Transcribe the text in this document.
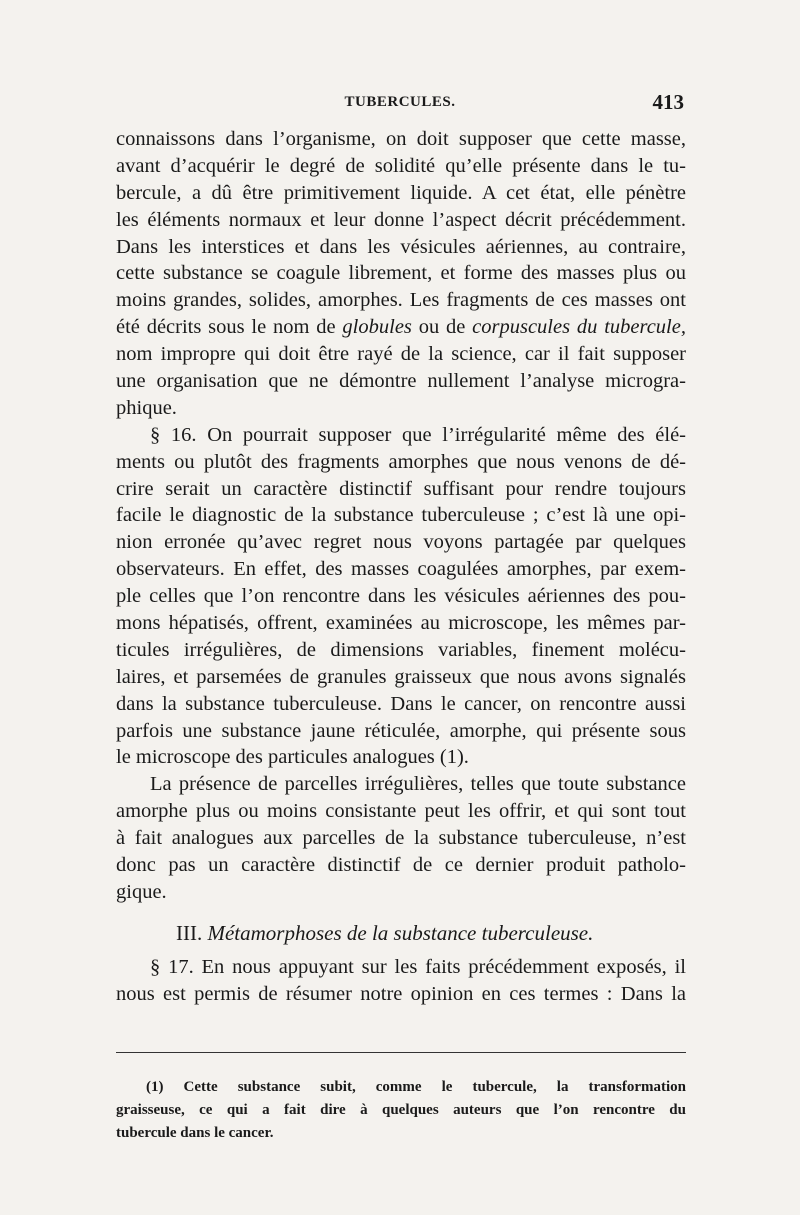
TUBERCULES.	413
connaissons dans l’organisme, on doit supposer que cette masse,
avant d’acquérir le degré de solidité qu’elle présente dans le tu-
bercule, a dû être primitivement liquide. A cet état, elle pénètre
les éléments normaux et leur donne l’aspect décrit précédemment.
Dans les interstices et dans les vésicules aériennes, au contraire,
cette substance se coagule librement, et forme des masses plus ou
moins grandes, solides, amorphes. Les fragments de ces masses ont
été décrits sous le nom de globules ou de corpuscules du tubercule,
nom impropre qui doit être rayé de la science, car il fait supposer
une organisation que ne démontre nullement l’analyse microgra-
phique.
§ 16. On pourrait supposer que l’irrégularité même des élé-
ments ou plutôt des fragments amorphes que nous venons de dé-
crire serait un caractère distinctif suffisant pour rendre toujours
facile le diagnostic de la substance tuberculeuse ; c’est là une opi-
nion erronée qu’avec regret nous voyons partagée par quelques
observateurs. En effet, des masses coagulées amorphes, par exem-
ple celles que l’on rencontre dans les vésicules aériennes des pou-
mons hépatisés, offrent, examinées au microscope, les mêmes par-
ticules irrégulières, de dimensions variables, finement molécu-
laires, et parsemées de granules graisseux que nous avons signalés
dans la substance tuberculeuse. Dans le cancer, on rencontre aussi
parfois une substance jaune réticulée, amorphe, qui présente sous
le microscope des particules analogues (1).
La présence de parcelles irrégulières, telles que toute substance
amorphe plus ou moins consistante peut les offrir, et qui sont tout
à fait analogues aux parcelles de la substance tuberculeuse, n’est
donc pas un caractère distinctif de ce dernier produit patholo-
gique.
III. Métamorphoses de la substance tuberculeuse.
§ 17. En nous appuyant sur les faits précédemment exposés, il
nous est permis de résumer notre opinion en ces termes : Dans la
(1) Cette substance subit, comme le tubercule, la transformation
graisseuse, ce qui a fait dire à quelques auteurs que l’on rencontre du
tubercule dans le cancer.
